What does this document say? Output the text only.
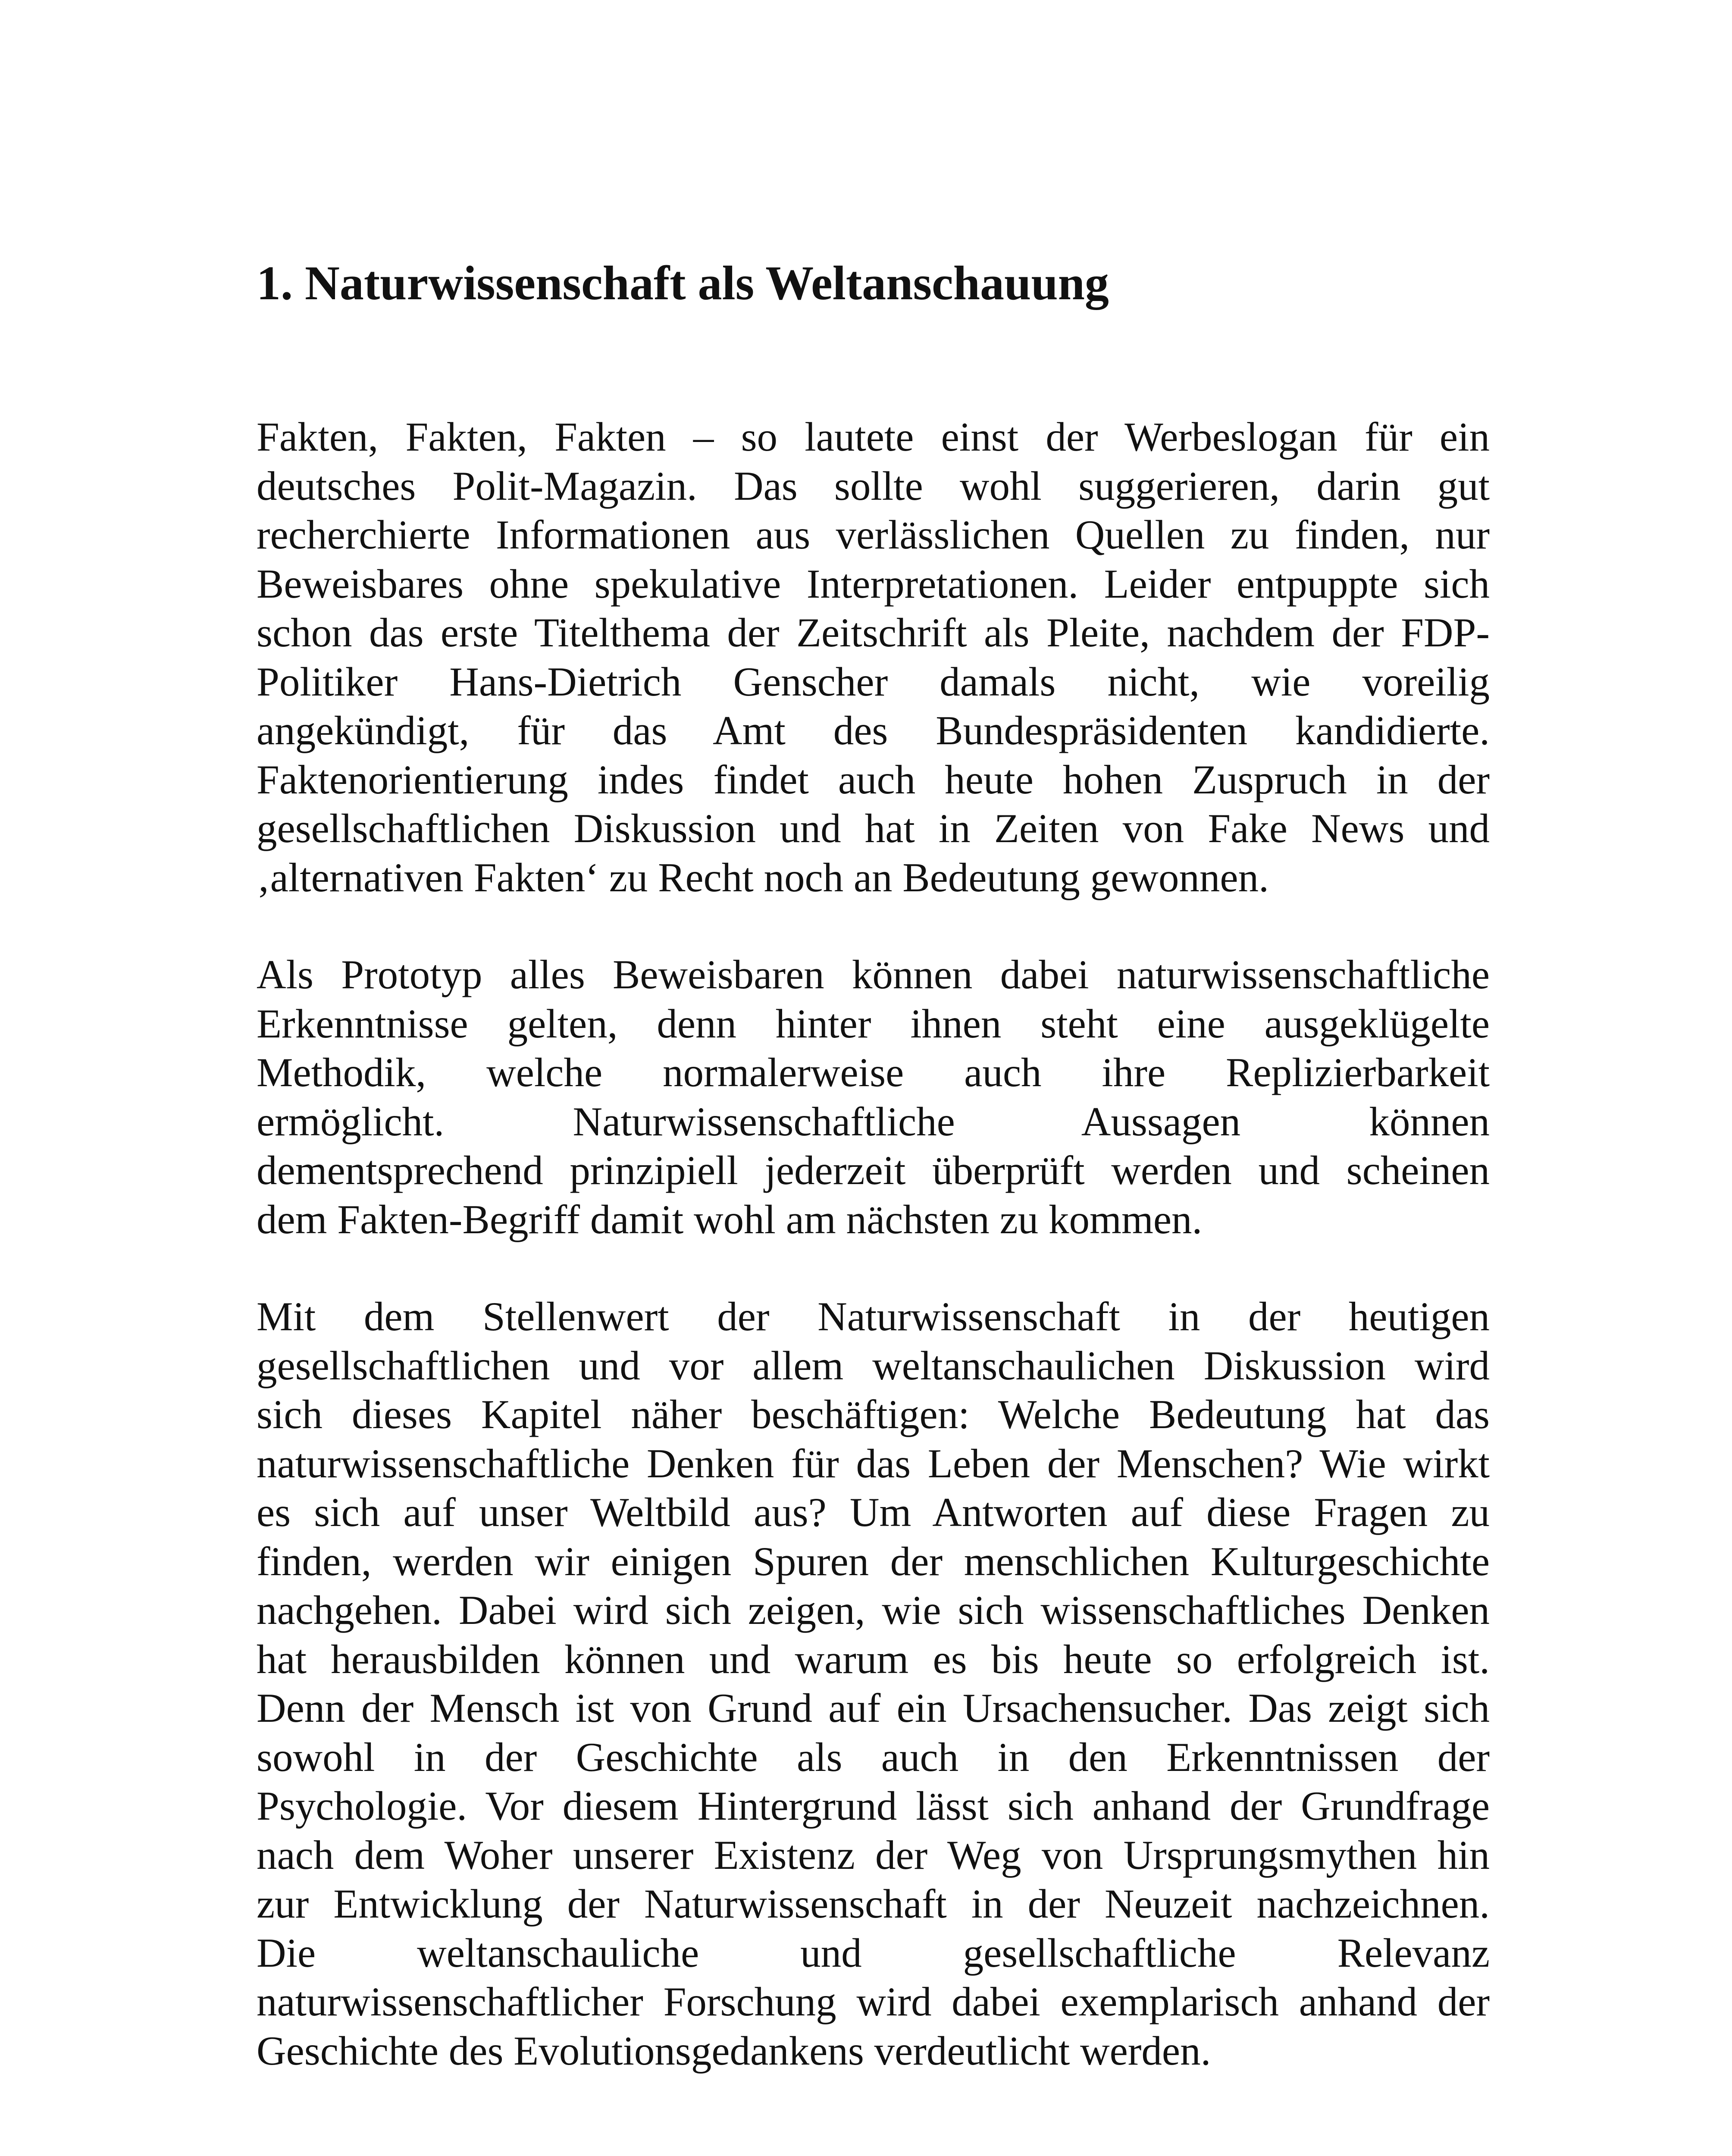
1. Naturwissenschaft als Weltanschauung

Fakten, Fakten, Fakten – so lautete einst der Werbeslogan für ein
deutsches Polit-Magazin. Das sollte wohl suggerieren, darin gut
recherchierte Informationen aus verlässlichen Quellen zu finden, nur
Beweisbares ohne spekulative Interpretationen. Leider entpuppte sich
schon das erste Titelthema der Zeitschrift als Pleite, nachdem der FDP-
Politiker Hans-Dietrich Genscher damals nicht, wie voreilig
angekündigt, für das Amt des Bundespräsidenten kandidierte.
Faktenorientierung indes findet auch heute hohen Zuspruch in der
gesellschaftlichen Diskussion und hat in Zeiten von Fake News und
‚alternativen Fakten‘ zu Recht noch an Bedeutung gewonnen.

Als Prototyp alles Beweisbaren können dabei naturwissenschaftliche
Erkenntnisse gelten, denn hinter ihnen steht eine ausgeklügelte
Methodik, welche normalerweise auch ihre Replizierbarkeit
ermöglicht. Naturwissenschaftliche Aussagen können
dementsprechend prinzipiell jederzeit überprüft werden und scheinen
dem Fakten-Begriff damit wohl am nächsten zu kommen.

Mit dem Stellenwert der Naturwissenschaft in der heutigen
gesellschaftlichen und vor allem weltanschaulichen Diskussion wird
sich dieses Kapitel näher beschäftigen: Welche Bedeutung hat das
naturwissenschaftliche Denken für das Leben der Menschen? Wie wirkt
es sich auf unser Weltbild aus? Um Antworten auf diese Fragen zu
finden, werden wir einigen Spuren der menschlichen Kulturgeschichte
nachgehen. Dabei wird sich zeigen, wie sich wissenschaftliches Denken
hat herausbilden können und warum es bis heute so erfolgreich ist.
Denn der Mensch ist von Grund auf ein Ursachensucher. Das zeigt sich
sowohl in der Geschichte als auch in den Erkenntnissen der
Psychologie. Vor diesem Hintergrund lässt sich anhand der Grundfrage
nach dem Woher unserer Existenz der Weg von Ursprungsmythen hin
zur Entwicklung der Naturwissenschaft in der Neuzeit nachzeichnen.
Die weltanschauliche und gesellschaftliche Relevanz
naturwissenschaftlicher Forschung wird dabei exemplarisch anhand der
Geschichte des Evolutionsgedankens verdeutlicht werden.
